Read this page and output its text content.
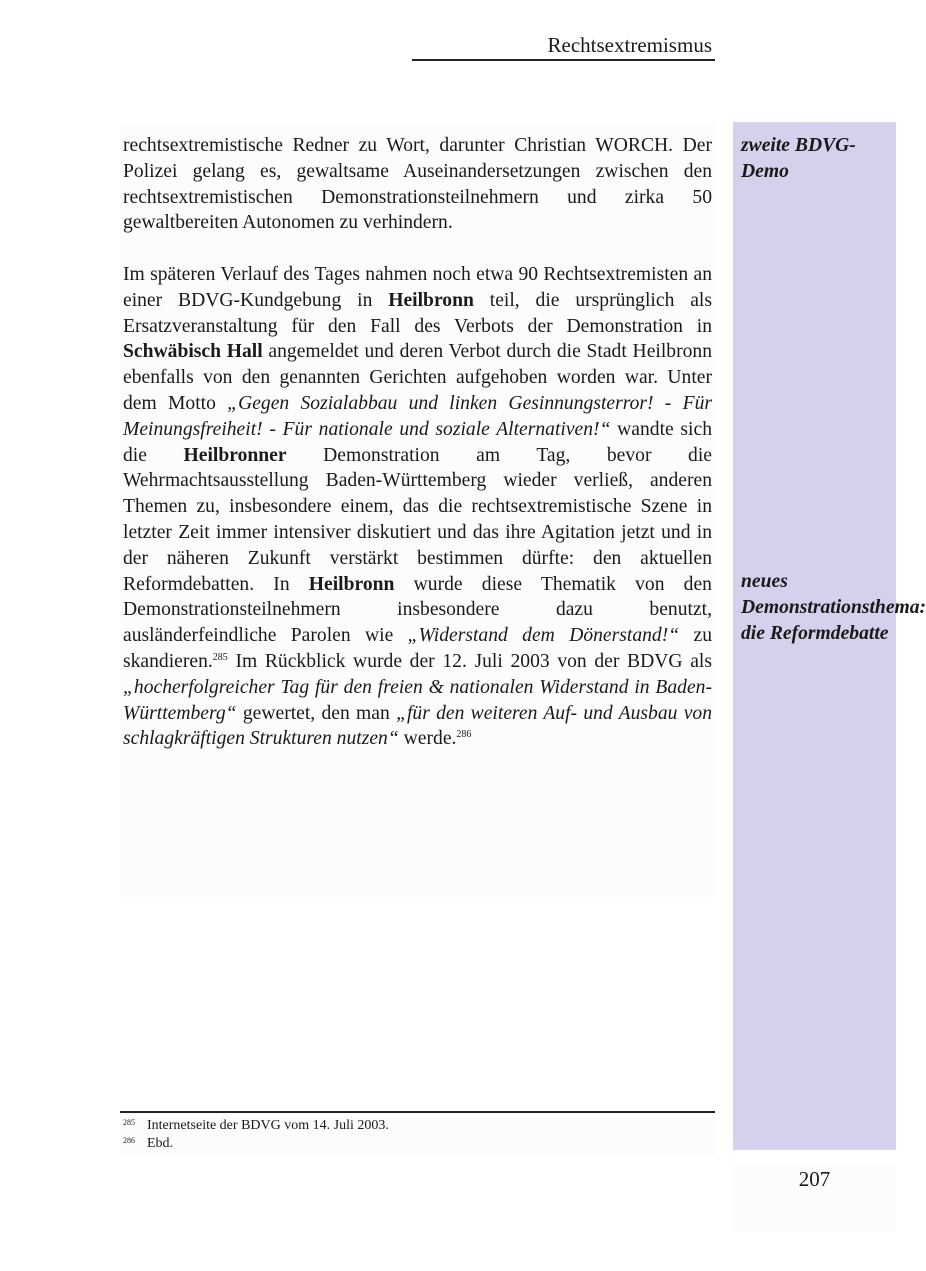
Rechtsextremismus

rechtsextremistische Redner zu Wort, darunter Christian WORCH. Der Polizei gelang es, gewaltsame Auseinandersetzungen zwischen den rechtsextremistischen Demonstrationsteilnehmern und zirka 50 gewaltbereiten Autonomen zu verhindern.

Im späteren Verlauf des Tages nahmen noch etwa 90 Rechtsextremisten an einer BDVG-Kundgebung in Heilbronn teil, die ursprünglich als Ersatzveranstaltung für den Fall des Verbots der Demonstration in Schwäbisch Hall angemeldet und deren Verbot durch die Stadt Heilbronn ebenfalls von den genannten Gerichten aufgehoben worden war. Unter dem Motto „Gegen Sozialabbau und linken Gesinnungsterror! - Für Meinungsfreiheit! - Für nationale und soziale Alternativen!“ wandte sich die Heilbronner Demonstration am Tag, bevor die Wehrmachtsausstellung Baden-Württemberg wieder verließ, anderen Themen zu, insbesondere einem, das die rechtsextremistische Szene in letzter Zeit immer intensiver diskutiert und das ihre Agitation jetzt und in der näheren Zukunft verstärkt bestimmen dürfte: den aktuellen Reformdebatten. In Heilbronn wurde diese Thematik von den Demonstrationsteilnehmern insbesondere dazu benutzt, ausländerfeindliche Parolen wie „Widerstand dem Dönerstand!“ zu skandieren.$^{285}$ Im Rückblick wurde der 12. Juli 2003 von der BDVG als „hocherfolgreicher Tag für den freien & nationalen Widerstand in Baden-Württemberg“ gewertet, den man „für den weiteren Auf- und Ausbau von schlagkräftigen Strukturen nutzen“ werde.$^{286}$

zweite BDVG-Demo
neues Demonstrationsthema: die Reformdebatte
285 Internetseite der BDVG vom 14. Juli 2003.
286 Ebd.
207
